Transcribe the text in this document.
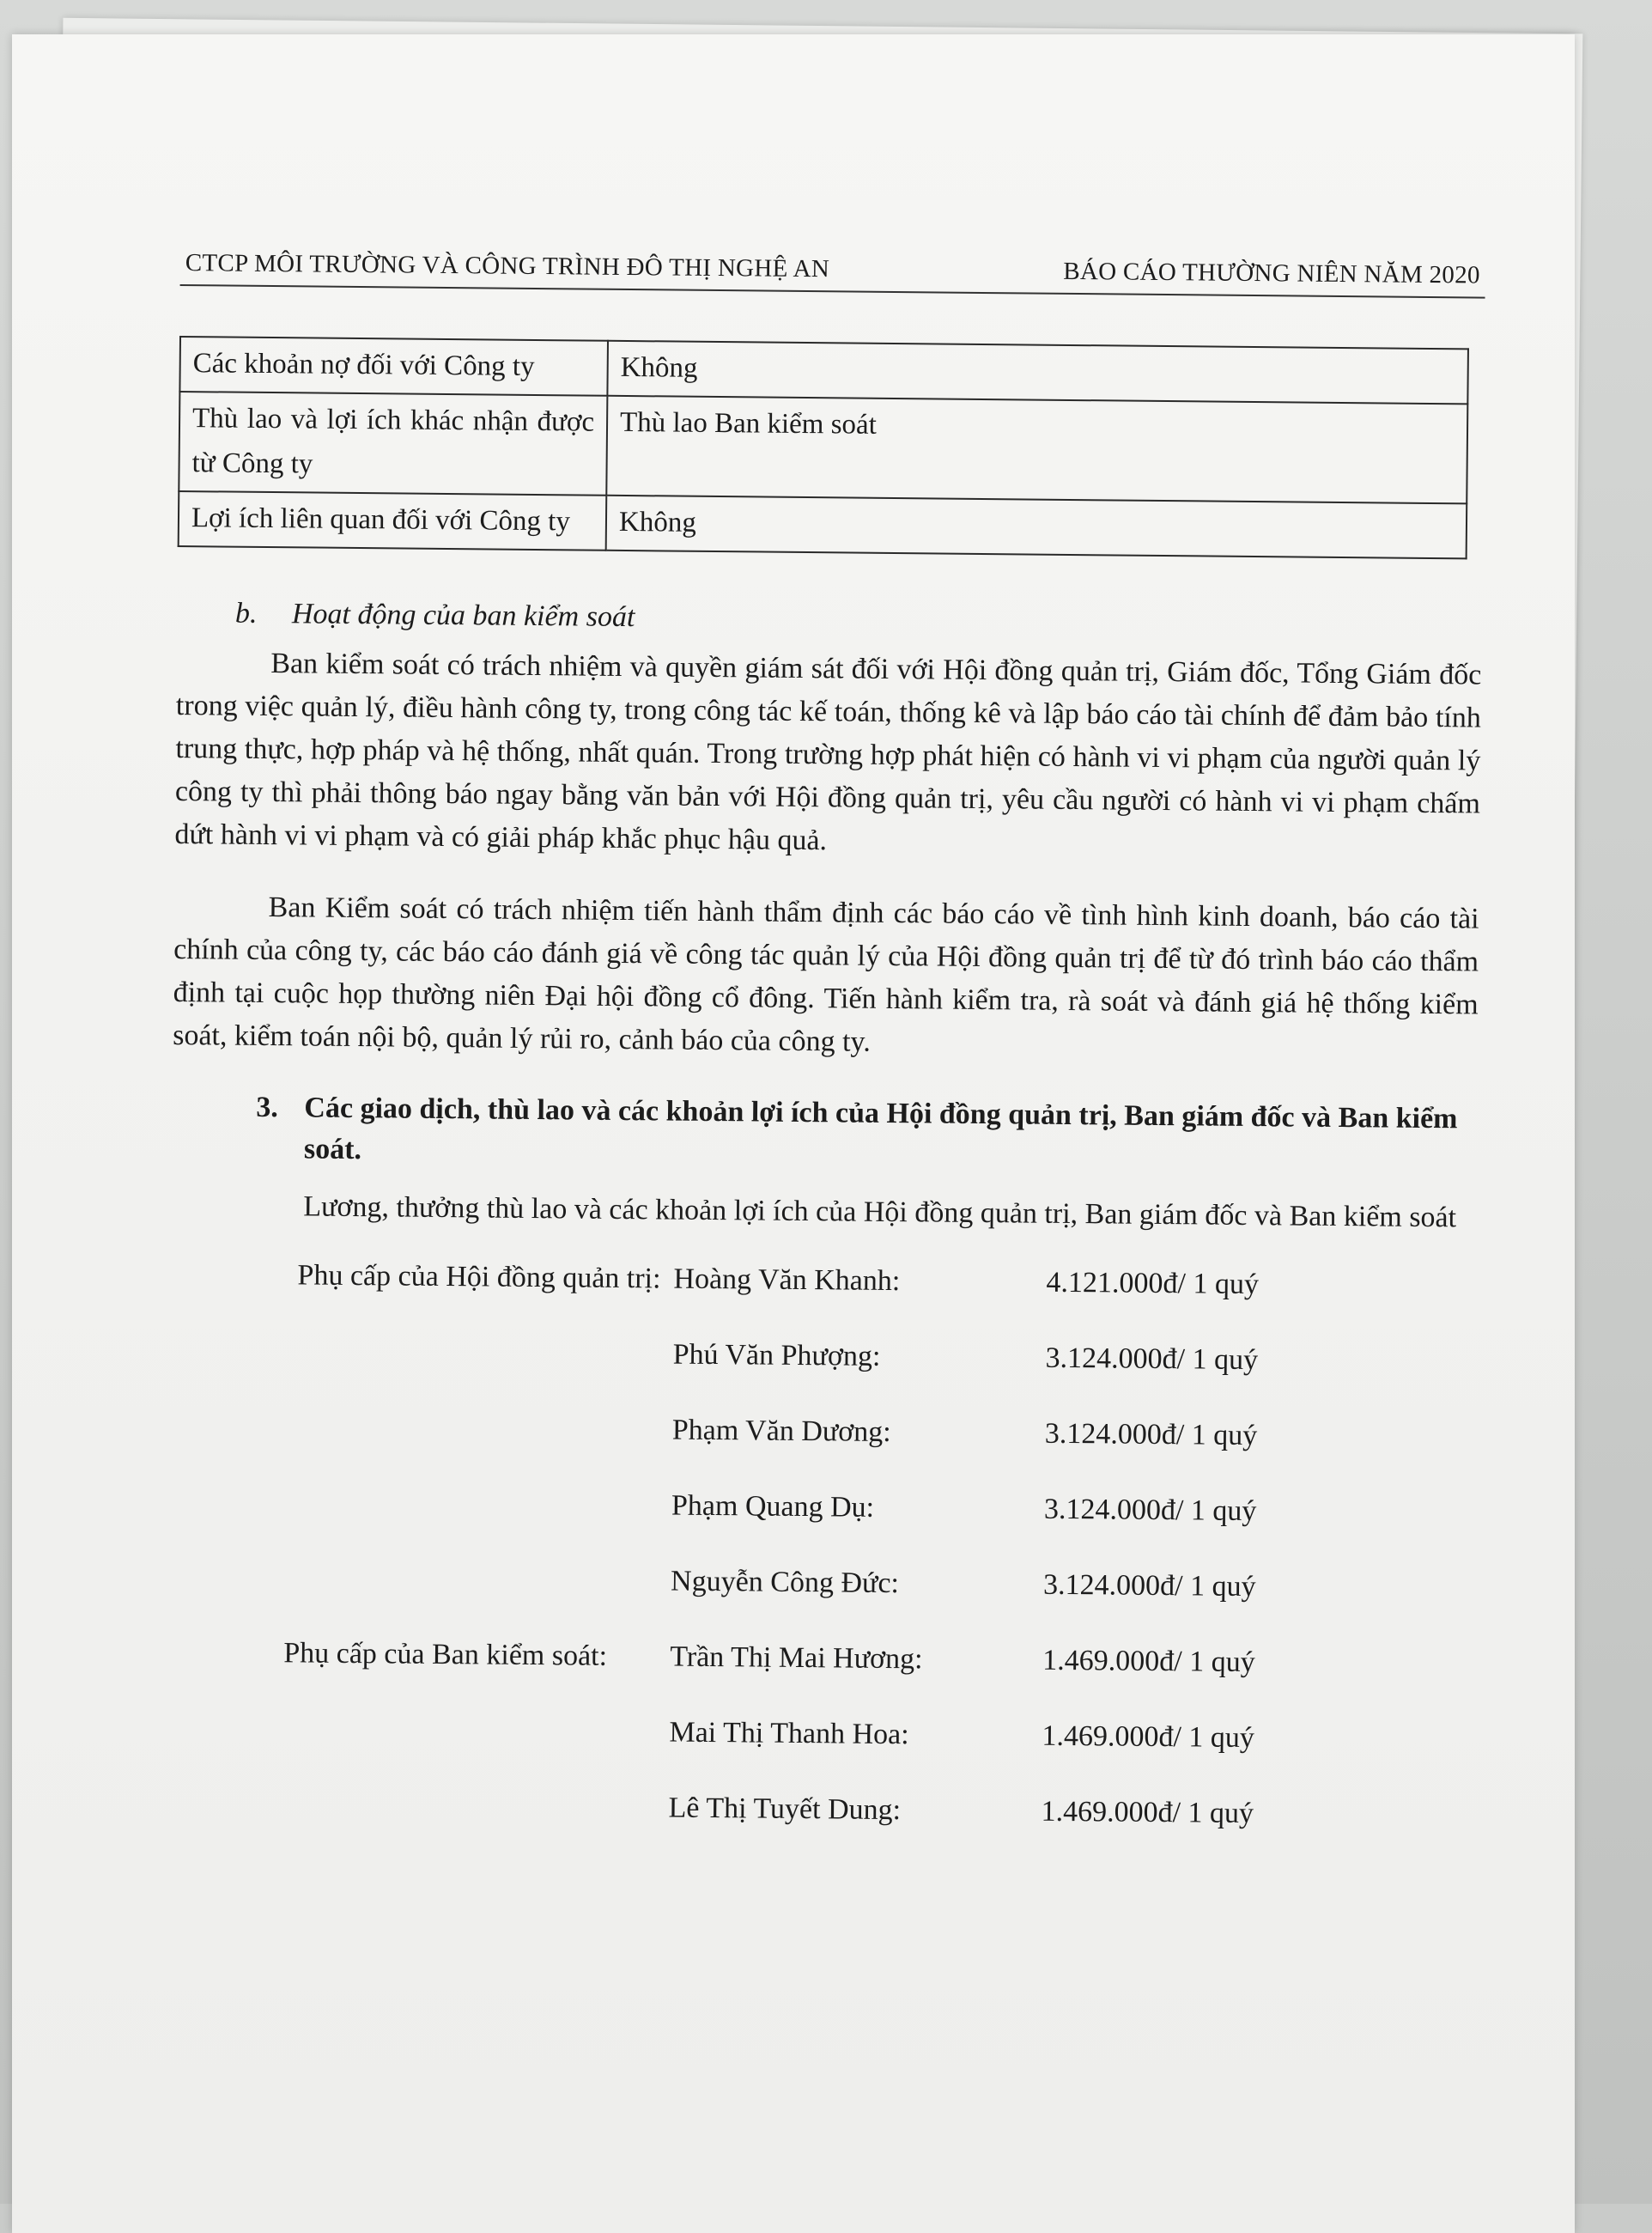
CTCP MÔI TRƯỜNG VÀ CÔNG TRÌNH ĐÔ THỊ NGHỆ AN	BÁO CÁO THƯỜNG NIÊN NĂM 2020
Các khoản nợ đối với Công ty	Không
Thù lao và lợi ích khác nhận được từ Công ty	Thù lao Ban kiểm soát
Lợi ích liên quan đối với Công ty	Không
b. Hoạt động của ban kiểm soát

Ban kiểm soát có trách nhiệm và quyền giám sát đối với Hội đồng quản trị, Giám đốc, Tổng Giám đốc trong việc quản lý, điều hành công ty, trong công tác kế toán, thống kê và lập báo cáo tài chính để đảm bảo tính trung thực, hợp pháp và hệ thống, nhất quán. Trong trường hợp phát hiện có hành vi vi phạm của người quản lý công ty thì phải thông báo ngay bằng văn bản với Hội đồng quản trị, yêu cầu người có hành vi vi phạm chấm dứt hành vi vi phạm và có giải pháp khắc phục hậu quả.

Ban Kiểm soát có trách nhiệm tiến hành thẩm định các báo cáo về tình hình kinh doanh, báo cáo tài chính của công ty, các báo cáo đánh giá về công tác quản lý của Hội đồng quản trị để từ đó trình báo cáo thẩm định tại cuộc họp thường niên Đại hội đồng cổ đông. Tiến hành kiểm tra, rà soát và đánh giá hệ thống kiểm soát, kiểm toán nội bộ, quản lý rủi ro, cảnh báo của công ty.

3. Các giao dịch, thù lao và các khoản lợi ích của Hội đồng quản trị, Ban giám đốc và Ban kiểm soát.
Lương, thưởng thù lao và các khoản lợi ích của Hội đồng quản trị, Ban giám đốc và Ban kiểm soát
Phụ cấp của Hội đồng quản trị: Hoàng Văn Khanh:	4.121.000đ/ 1 quý
Phú Văn Phượng:	3.124.000đ/ 1 quý
Phạm Văn Dương:	3.124.000đ/ 1 quý
Phạm Quang Dụ:	3.124.000đ/ 1 quý
Nguyễn Công Đức:	3.124.000đ/ 1 quý
Phụ cấp của Ban kiểm soát: Trần Thị Mai Hương:	1.469.000đ/ 1 quý
Mai Thị Thanh Hoa:	1.469.000đ/ 1 quý
Lê Thị Tuyết Dung:	1.469.000đ/ 1 quý
